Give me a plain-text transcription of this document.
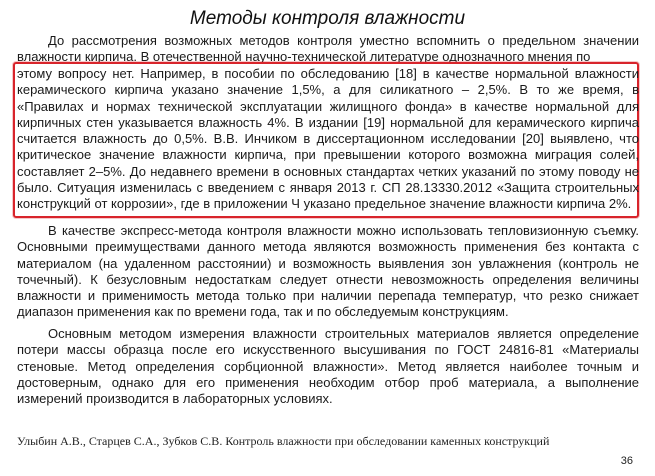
Методы контроля влажности

До рассмотрения возможных методов контроля уместно вспомнить о предельном значении влажности кирпича. В отечественной научно-технической литературе однозначного мнения по

этому вопросу нет. Например, в пособии по обследованию [18] в качестве нормальной влажности керамического кирпича указано значение 1,5%, а для силикатного – 2,5%. В то же время, в «Правилах и нормах технической эксплуатации жилищного фонда» в качестве нормальной для кирпичных стен указывается влажность 4%. В издании [19] нормальной для керамического кирпича считается влажность до 0,5%. В.В. Инчиком в диссертационном исследовании [20] выявлено, что критическое значение влажности кирпича, при превышении которого возможна миграция солей, составляет 2–5%. До недавнего времени в основных стандартах четких указаний по этому поводу не было. Ситуация изменилась с введением с января 2013 г. СП 28.13330.2012 «Защита строительных конструкций от коррозии», где в приложении Ч указано предельное значение влажности кирпича 2%.

В качестве экспресс-метода контроля влажности можно использовать тепловизионную съемку. Основными преимуществами данного метода являются возможность применения без контакта с материалом (на удаленном расстоянии) и возможность выявления зон увлажнения (контроль не точечный). К безусловным недостаткам следует отнести невозможность определения величины влажности и применимость метода только при наличии перепада температур, что резко снижает диапазон применения как по времени года, так и по обследуемым конструкциям.

Основным методом измерения влажности строительных материалов является определение потери массы образца после его искусственного высушивания по ГОСТ 24816-81 «Материалы стеновые. Метод определения сорбционной влажности». Метод является наиболее точным и достоверным, однако для его применения необходим отбор проб материала, а выполнение измерений производится в лабораторных условиях.

Улыбин А.В., Старцев С.А., Зубков С.В. Контроль влажности при обследовании каменных конструкций
36
